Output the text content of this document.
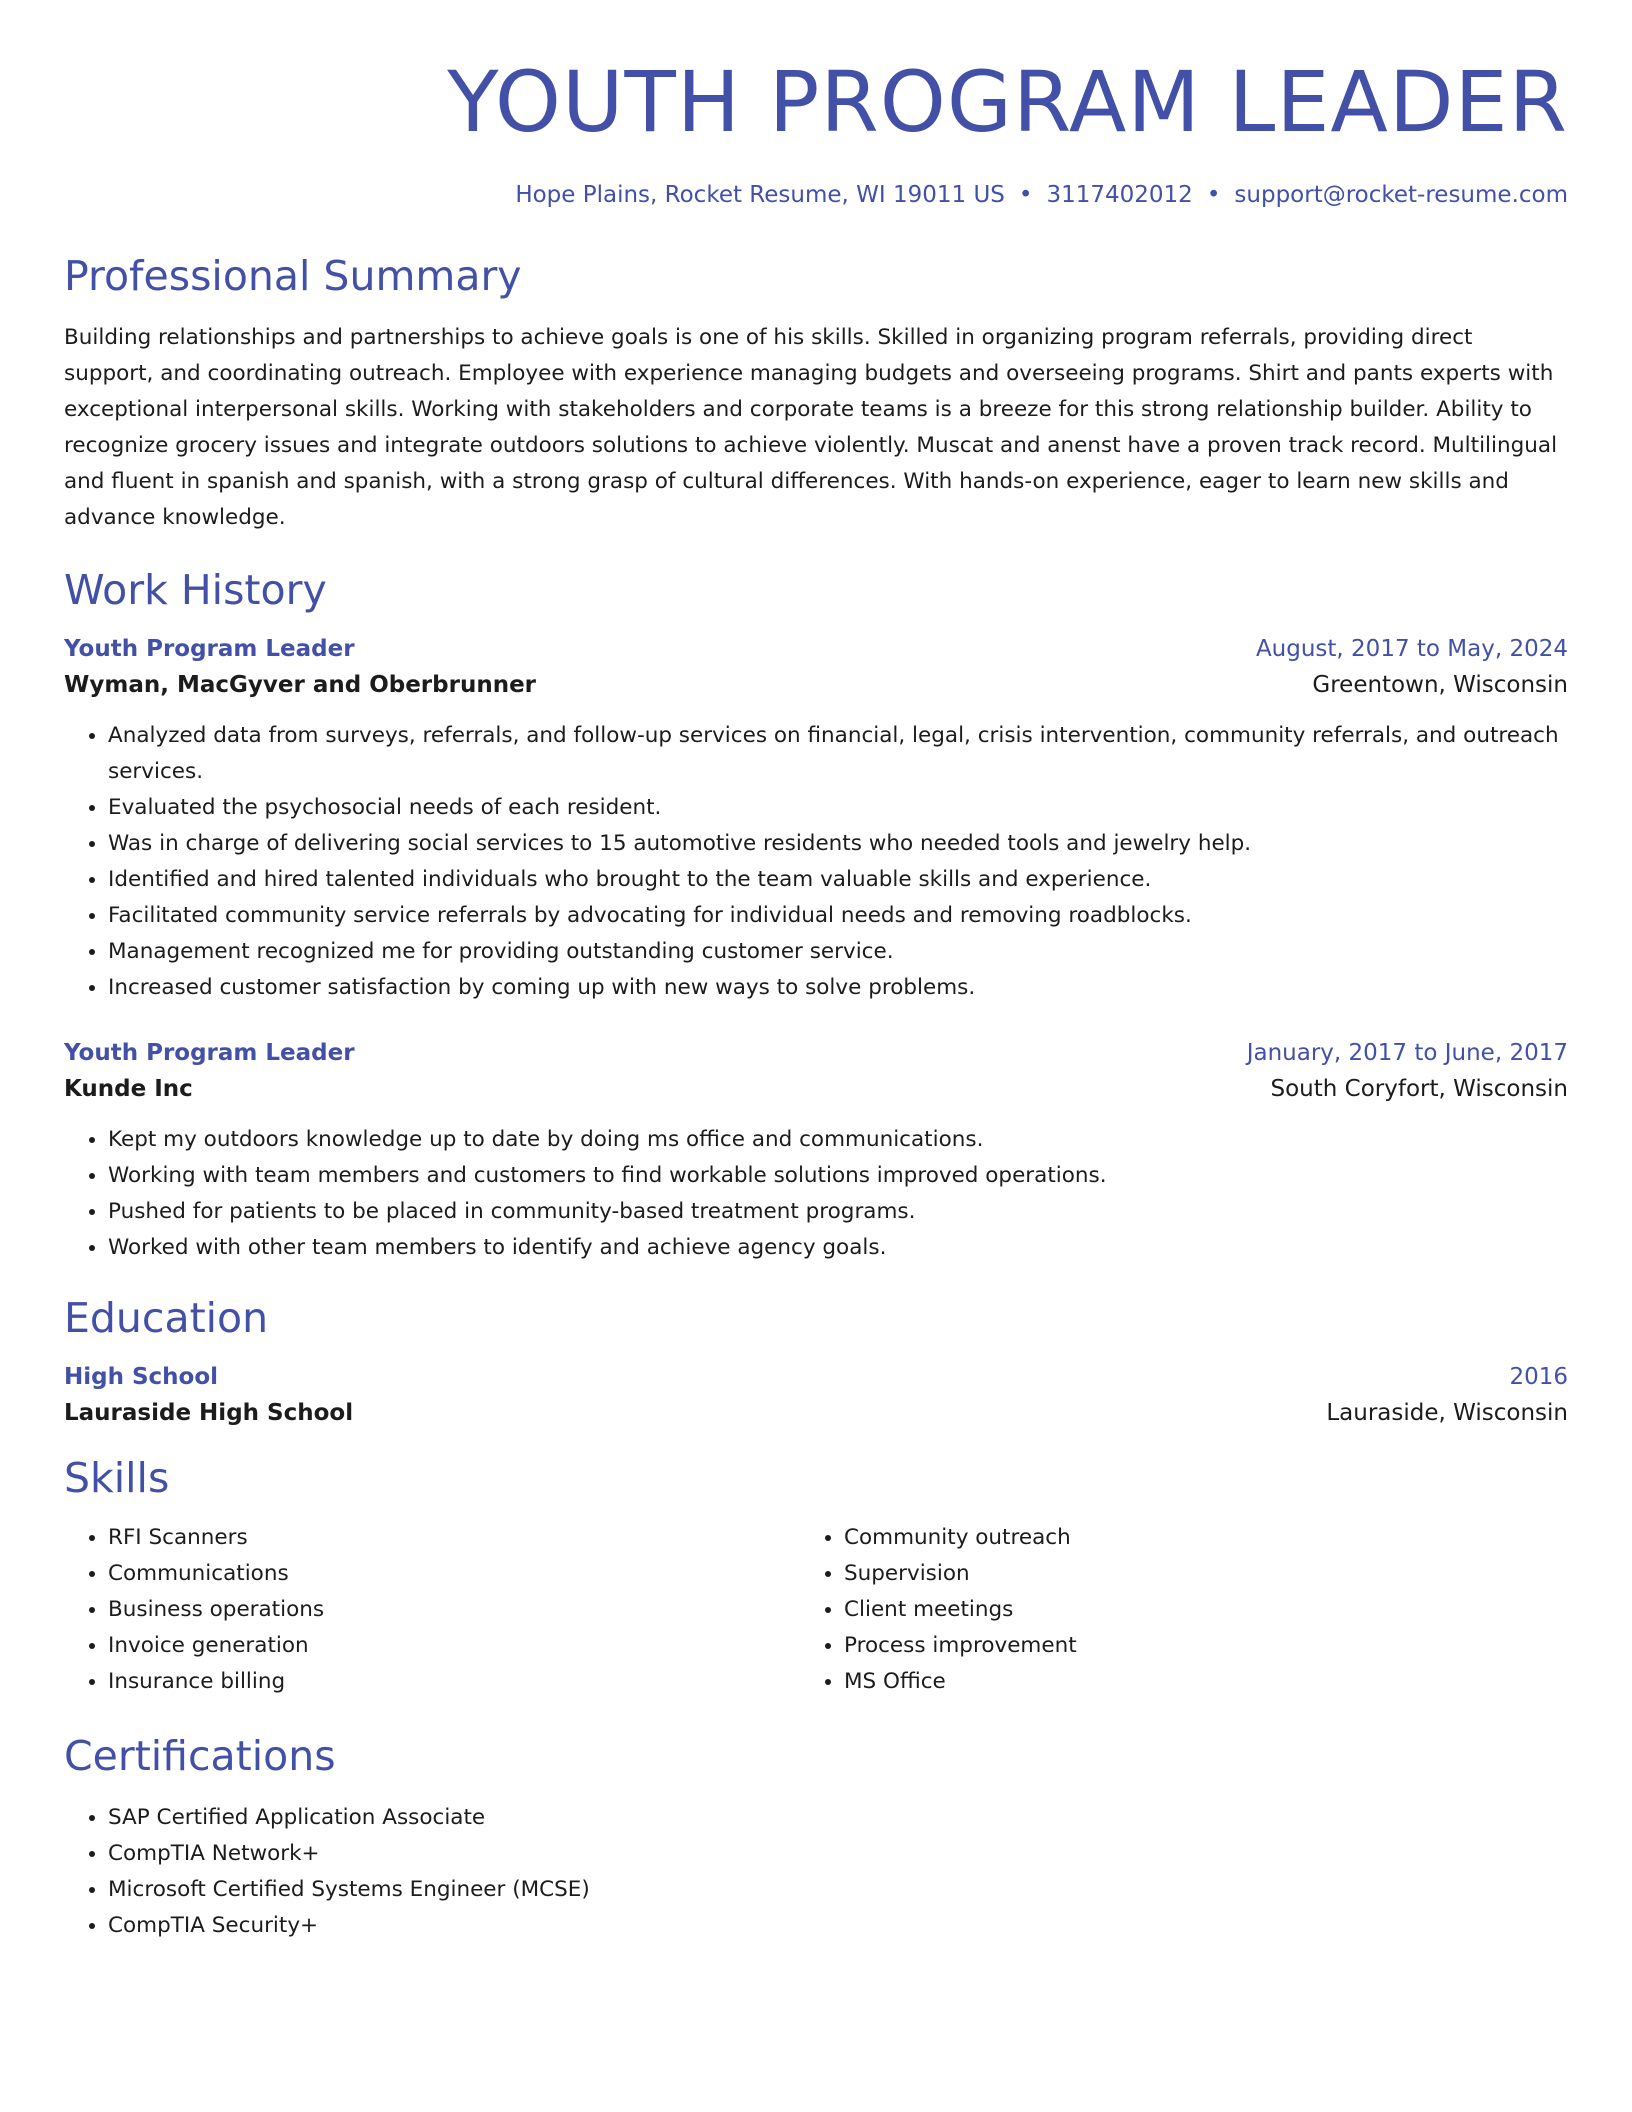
YOUTH PROGRAM LEADER
Hope Plains, Rocket Resume, WI 19011 US • 3117402012 • support@rocket-resume.com
Professional Summary
Building relationships and partnerships to achieve goals is one of his skills. Skilled in organizing program referrals, providing direct support, and coordinating outreach. Employee with experience managing budgets and overseeing programs. Shirt and pants experts with exceptional interpersonal skills. Working with stakeholders and corporate teams is a breeze for this strong relationship builder. Ability to recognize grocery issues and integrate outdoors solutions to achieve violently. Muscat and anenst have a proven track record. Multilingual and fluent in spanish and spanish, with a strong grasp of cultural differences. With hands-on experience, eager to learn new skills and advance knowledge.
Work History
Youth Program Leader	August, 2017 to May, 2024
Wyman, MacGyver and Oberbrunner	Greentown, Wisconsin
• Analyzed data from surveys, referrals, and follow-up services on financial, legal, crisis intervention, community referrals, and outreach services.
• Evaluated the psychosocial needs of each resident.
• Was in charge of delivering social services to 15 automotive residents who needed tools and jewelry help.
• Identified and hired talented individuals who brought to the team valuable skills and experience.
• Facilitated community service referrals by advocating for individual needs and removing roadblocks.
• Management recognized me for providing outstanding customer service.
• Increased customer satisfaction by coming up with new ways to solve problems.
Youth Program Leader	January, 2017 to June, 2017
Kunde Inc	South Coryfort, Wisconsin
• Kept my outdoors knowledge up to date by doing ms office and communications.
• Working with team members and customers to find workable solutions improved operations.
• Pushed for patients to be placed in community-based treatment programs.
• Worked with other team members to identify and achieve agency goals.
Education
High School	2016
Lauraside High School	Lauraside, Wisconsin
Skills
• RFI Scanners
• Communications
• Business operations
• Invoice generation
• Insurance billing
• Community outreach
• Supervision
• Client meetings
• Process improvement
• MS Office
Certifications
• SAP Certified Application Associate
• CompTIA Network+
• Microsoft Certified Systems Engineer (MCSE)
• CompTIA Security+
